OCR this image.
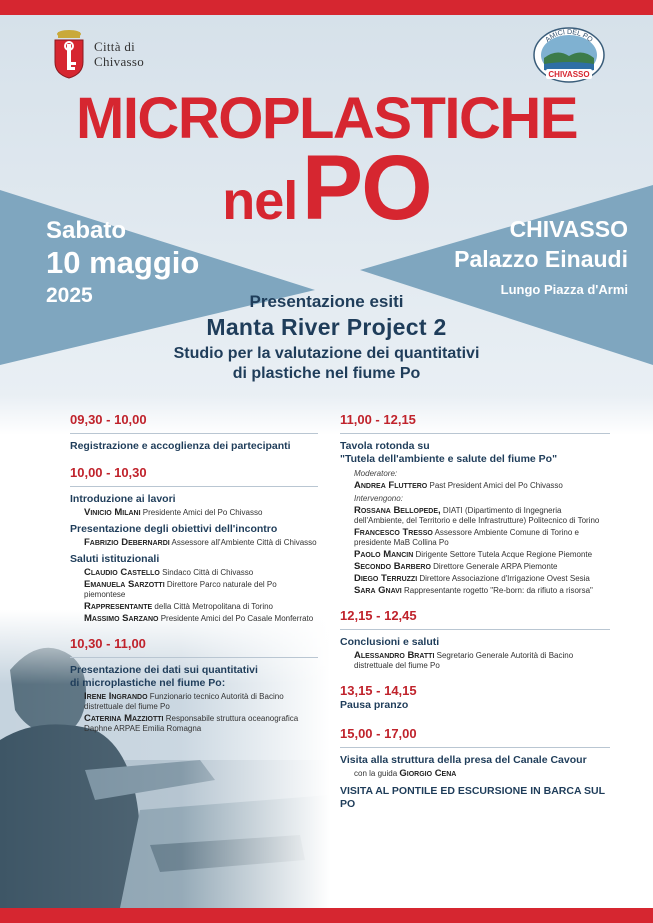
Città di
Chivasso
AMICI DEL PO
CHIVASSO
MICROPLASTICHE
nel PO
Sabato
10 maggio
2025
CHIVASSO
Palazzo Einaudi
Lungo Piazza d'Armi
Presentazione esiti
Manta River Project 2
Studio per la valutazione dei quantitativi
di plastiche nel fiume Po
09,30 - 10,00
Registrazione e accoglienza dei partecipanti
10,00 - 10,30
Introduzione ai lavori
Vinicio Milani Presidente Amici del Po Chivasso
Presentazione degli obiettivi dell'incontro
Fabrizio Debernardi Assessore all'Ambiente Città di Chivasso
Saluti istituzionali
Claudio Castello Sindaco Città di Chivasso
Emanuela Sarzotti Direttore Parco naturale del Po piemontese
Rappresentante della Città Metropolitana di Torino
Massimo Sarzano Presidente Amici del Po Casale Monferrato
10,30 - 11,00
Presentazione dei dati sui quantitativi
di microplastiche nel fiume Po:
Irene Ingrando Funzionario tecnico Autorità di Bacino distrettuale del fiume Po
Caterina Mazziotti Responsabile struttura oceanografica Daphne ARPAE Emilia Romagna
11,00 - 12,15
Tavola rotonda su
"Tutela dell'ambiente e salute del fiume Po"
Moderatore:
Andrea Fluttero Past President Amici del Po Chivasso
Intervengono:
Rossana Bellopede, DIATI (Dipartimento di Ingegneria dell'Ambiente, del Territorio e delle Infrastrutture) Politecnico di Torino
Francesco Tresso Assessore Ambiente Comune di Torino e presidente MaB Collina Po
Paolo Mancin Dirigente Settore Tutela Acque Regione Piemonte
Secondo Barbero Direttore Generale ARPA Piemonte
Diego Terruzzi Direttore Associazione d'Irrigazione Ovest Sesia
Sara Gnavi Rappresentante rogetto "Re-born: da rifiuto a risorsa"
12,15 - 12,45
Conclusioni e saluti
Alessandro Bratti Segretario Generale Autorità di Bacino distrettuale del fiume Po
13,15 - 14,15
Pausa pranzo
15,00 - 17,00
Visita alla struttura della presa del Canale Cavour
con la guida Giorgio Cena
VISITA AL PONTILE ED ESCURSIONE IN BARCA SUL PO
